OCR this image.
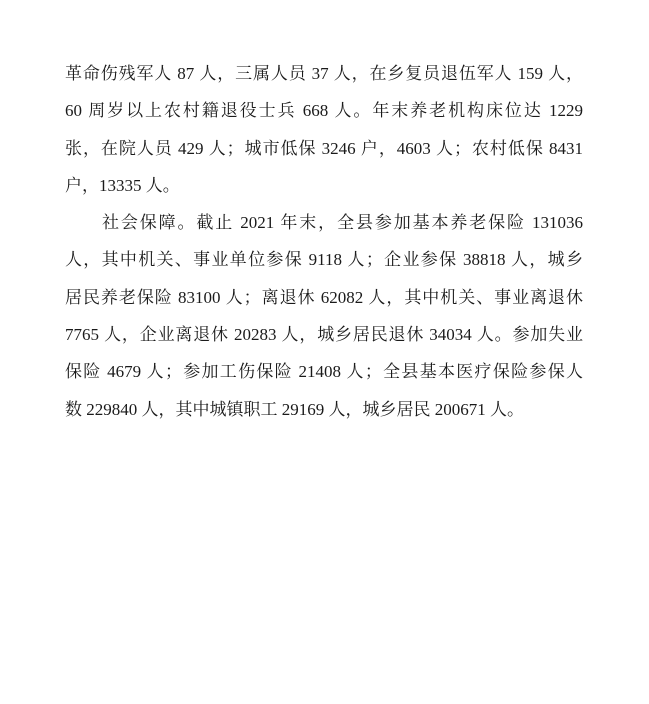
革命伤残军人 87 人，三属人员 37 人，在乡复员退伍军人 159 人，
60 周岁以上农村籍退役士兵 668 人。年末养老机构床位达 1229
张，在院人员 429 人；城市低保 3246 户，4603 人；农村低保 8431
户，13335 人。
社会保障。截止 2021 年末，全县参加基本养老保险 131036
人，其中机关、事业单位参保 9118 人；企业参保 38818 人，城乡
居民养老保险 83100 人；离退休 62082 人，其中机关、事业离退休
7765 人，企业离退休 20283 人，城乡居民退休 34034 人。参加失业
保险 4679 人；参加工伤保险 21408 人；全县基本医疗保险参保人
数 229840 人，其中城镇职工 29169 人，城乡居民 200671 人。
